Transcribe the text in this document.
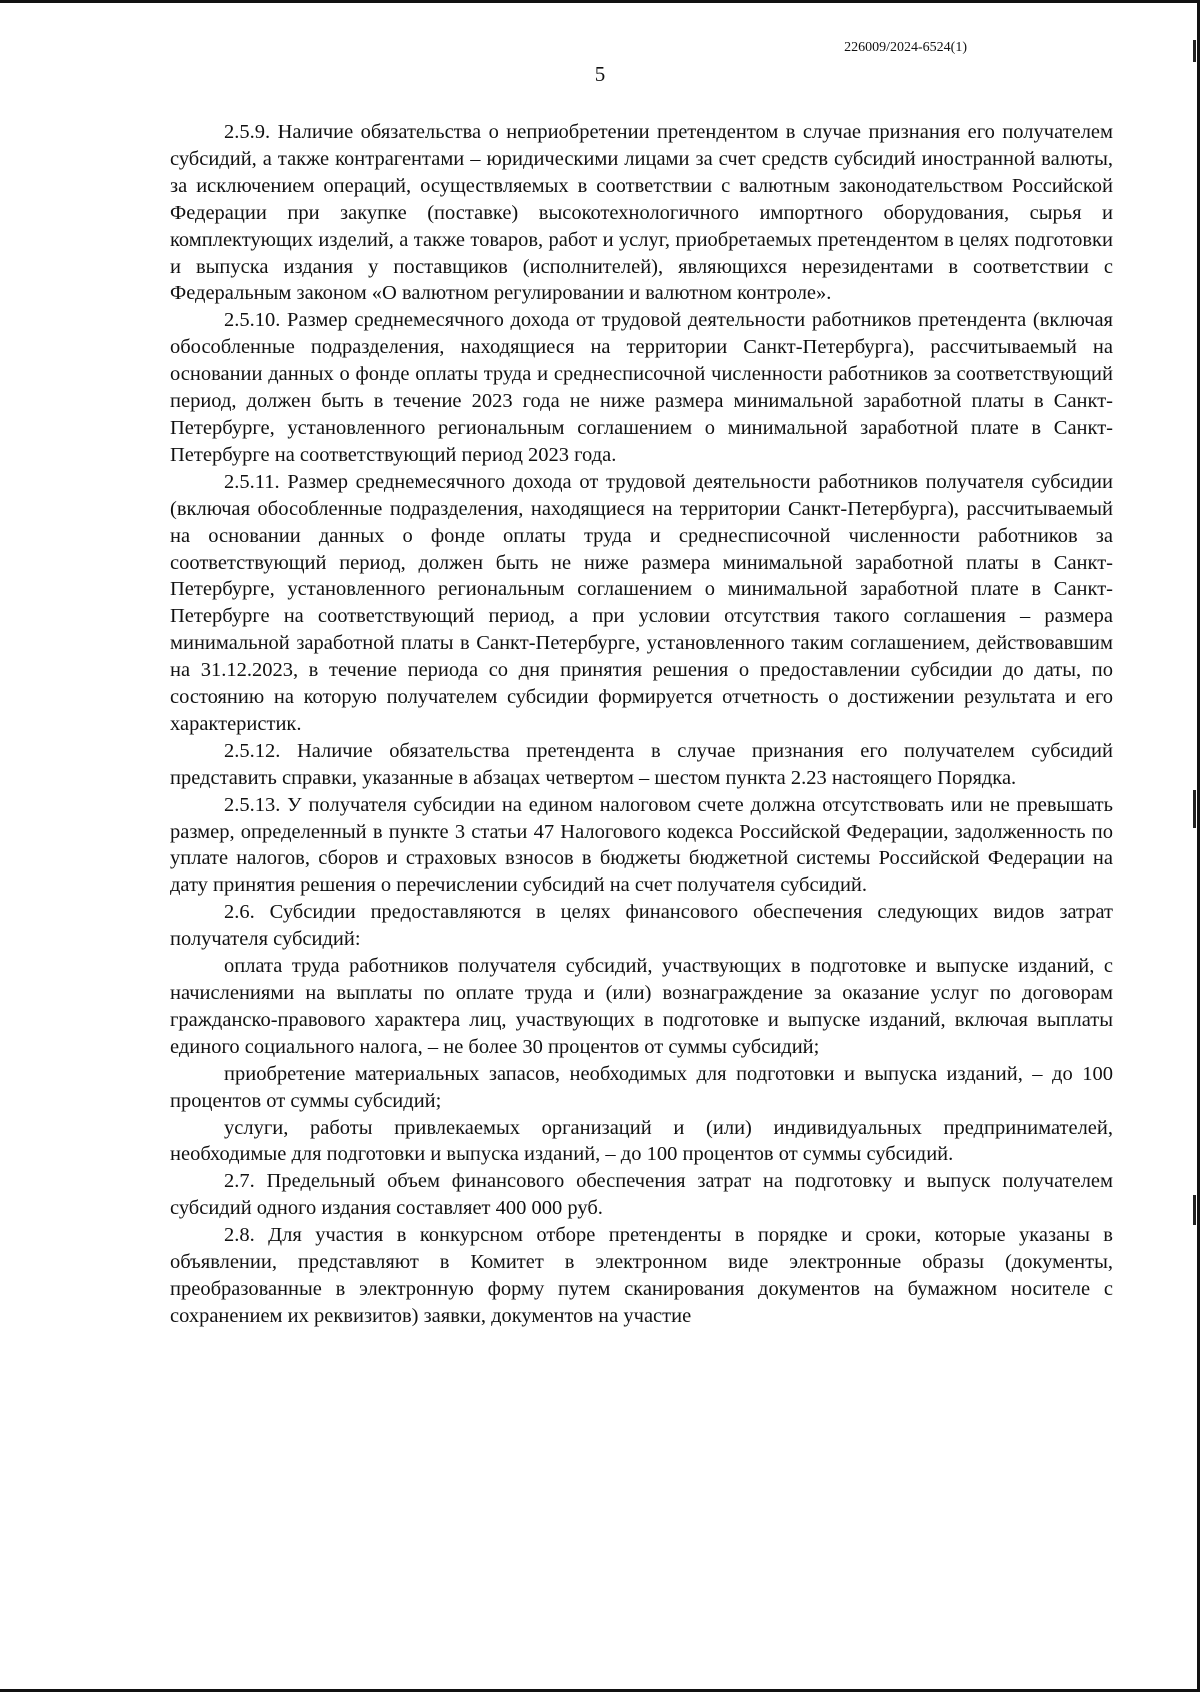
226009/2024-6524(1)
5

2.5.9. Наличие обязательства о неприобретении претендентом в случае признания его получателем субсидий, а также контрагентами – юридическими лицами за счет средств субсидий иностранной валюты, за исключением операций, осуществляемых в соответствии с валютным законодательством Российской Федерации при закупке (поставке) высокотехнологичного импортного оборудования, сырья и комплектующих изделий, а также товаров, работ и услуг, приобретаемых претендентом в целях подготовки и выпуска издания у поставщиков (исполнителей), являющихся нерезидентами в соответствии с Федеральным законом «О валютном регулировании и валютном контроле».

2.5.10. Размер среднемесячного дохода от трудовой деятельности работников претендента (включая обособленные подразделения, находящиеся на территории Санкт-Петербурга), рассчитываемый на основании данных о фонде оплаты труда и среднесписочной численности работников за соответствующий период, должен быть в течение 2023 года не ниже размера минимальной заработной платы в Санкт-Петербурге, установленного региональным соглашением о минимальной заработной плате в Санкт-Петербурге на соответствующий период 2023 года.

2.5.11. Размер среднемесячного дохода от трудовой деятельности работников получателя субсидии (включая обособленные подразделения, находящиеся на территории Санкт-Петербурга), рассчитываемый на основании данных о фонде оплаты труда и среднесписочной численности работников за соответствующий период, должен быть не ниже размера минимальной заработной платы в Санкт-Петербурге, установленного региональным соглашением о минимальной заработной плате в Санкт-Петербурге на соответствующий период, а при условии отсутствия такого соглашения – размера минимальной заработной платы в Санкт-Петербурге, установленного таким соглашением, действовавшим на 31.12.2023, в течение периода со дня принятия решения о предоставлении субсидии до даты, по состоянию на которую получателем субсидии формируется отчетность о достижении результата и его характеристик.

2.5.12. Наличие обязательства претендента в случае признания его получателем субсидий представить справки, указанные в абзацах четвертом – шестом пункта 2.23 настоящего Порядка.

2.5.13. У получателя субсидии на едином налоговом счете должна отсутствовать или не превышать размер, определенный в пункте 3 статьи 47 Налогового кодекса Российской Федерации, задолженность по уплате налогов, сборов и страховых взносов в бюджеты бюджетной системы Российской Федерации на дату принятия решения о перечислении субсидий на счет получателя субсидий.

2.6. Субсидии предоставляются в целях финансового обеспечения следующих видов затрат получателя субсидий:

оплата труда работников получателя субсидий, участвующих в подготовке и выпуске изданий, с начислениями на выплаты по оплате труда и (или) вознаграждение за оказание услуг по договорам гражданско-правового характера лиц, участвующих в подготовке и выпуске изданий, включая выплаты единого социального налога, – не более 30 процентов от суммы субсидий;

приобретение материальных запасов, необходимых для подготовки и выпуска изданий, – до 100 процентов от суммы субсидий;

услуги, работы привлекаемых организаций и (или) индивидуальных предпринимателей, необходимые для подготовки и выпуска изданий, – до 100 процентов от суммы субсидий.

2.7. Предельный объем финансового обеспечения затрат на подготовку и выпуск получателем субсидий одного издания составляет 400 000 руб.

2.8. Для участия в конкурсном отборе претенденты в порядке и сроки, которые указаны в объявлении, представляют в Комитет в электронном виде электронные образы (документы, преобразованные в электронную форму путем сканирования документов на бумажном носителе с сохранением их реквизитов) заявки, документов на участие
